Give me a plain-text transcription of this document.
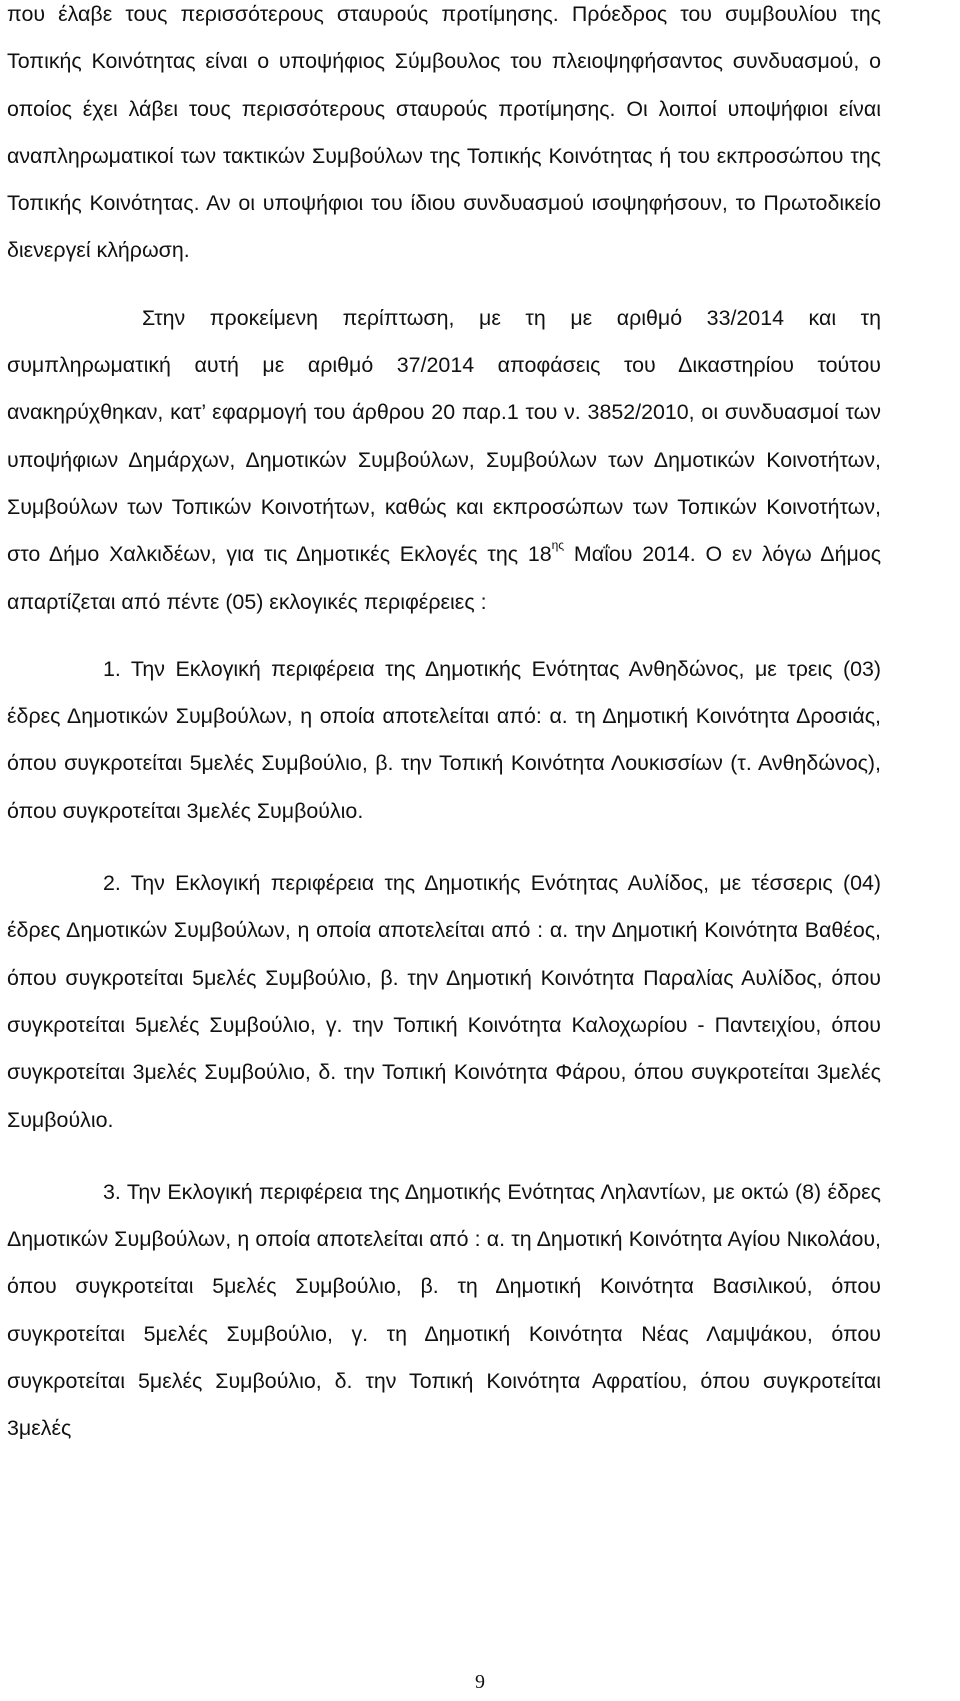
που έλαβε τους περισσότερους σταυρούς προτίμησης. Πρόεδρος του συμβουλίου της Τοπικής Κοινότητας είναι ο υποψήφιος Σύμβουλος του πλειοψηφήσαντος συνδυασμού, ο οποίος έχει λάβει τους περισσότερους σταυρούς προτίμησης. Οι λοιποί υποψήφιοι είναι αναπληρωματικοί των τακτικών Συμβούλων της Τοπικής Κοινότητας ή του εκπροσώπου της Τοπικής Κοινότητας. Αν οι υποψήφιοι του ίδιου συνδυασμού ισοψηφήσουν, το Πρωτοδικείο διενεργεί κλήρωση.

Στην προκείμενη περίπτωση, με τη με αριθμό 33/2014 και τη συμπληρωματική αυτή με αριθμό 37/2014 αποφάσεις του Δικαστηρίου τούτου ανακηρύχθηκαν, κατ’ εφαρμογή του άρθρου 20 παρ.1 του ν. 3852/2010, οι συνδυασμοί των υποψήφιων Δημάρχων, Δημοτικών Συμβούλων, Συμβούλων των Δημοτικών Κοινοτήτων, Συμβούλων των Τοπικών Κοινοτήτων, καθώς και εκπροσώπων των Τοπικών Κοινοτήτων, στο Δήμο Χαλκιδέων, για τις Δημοτικές Εκλογές της $18^{\eta\varsigma}$ Μαΐου 2014. Ο εν λόγω Δήμος απαρτίζεται από πέντε (05) εκλογικές περιφέρειες :

1. Την Εκλογική περιφέρεια της Δημοτικής Ενότητας Ανθηδώνος, με τρεις (03) έδρες Δημοτικών Συμβούλων, η οποία αποτελείται από: α. τη Δημοτική Κοινότητα Δροσιάς, όπου συγκροτείται 5μελές Συμβούλιο, β. την Τοπική Κοινότητα Λουκισσίων (τ. Ανθηδώνος), όπου συγκροτείται 3μελές Συμβούλιο.

2. Την Εκλογική περιφέρεια της Δημοτικής Ενότητας Αυλίδος, με τέσσερις (04) έδρες Δημοτικών Συμβούλων, η οποία αποτελείται από : α. την Δημοτική Κοινότητα Βαθέος, όπου συγκροτείται 5μελές Συμβούλιο, β. την Δημοτική Κοινότητα Παραλίας Αυλίδος, όπου συγκροτείται 5μελές Συμβούλιο, γ. την Τοπική Κοινότητα Καλοχωρίου - Παντειχίου, όπου συγκροτείται 3μελές Συμβούλιο, δ. την Τοπική Κοινότητα Φάρου, όπου συγκροτείται 3μελές Συμβούλιο.

3. Την Εκλογική περιφέρεια της Δημοτικής Ενότητας Ληλαντίων, με οκτώ (8) έδρες Δημοτικών Συμβούλων, η οποία αποτελείται από : α. τη Δημοτική Κοινότητα Αγίου Νικολάου, όπου συγκροτείται 5μελές Συμβούλιο, β. τη Δημοτική Κοινότητα Βασιλικού, όπου συγκροτείται 5μελές Συμβούλιο, γ. τη Δημοτική Κοινότητα Νέας Λαμψάκου, όπου συγκροτείται 5μελές Συμβούλιο, δ. την Τοπική Κοινότητα Αφρατίου, όπου συγκροτείται 3μελές

9
